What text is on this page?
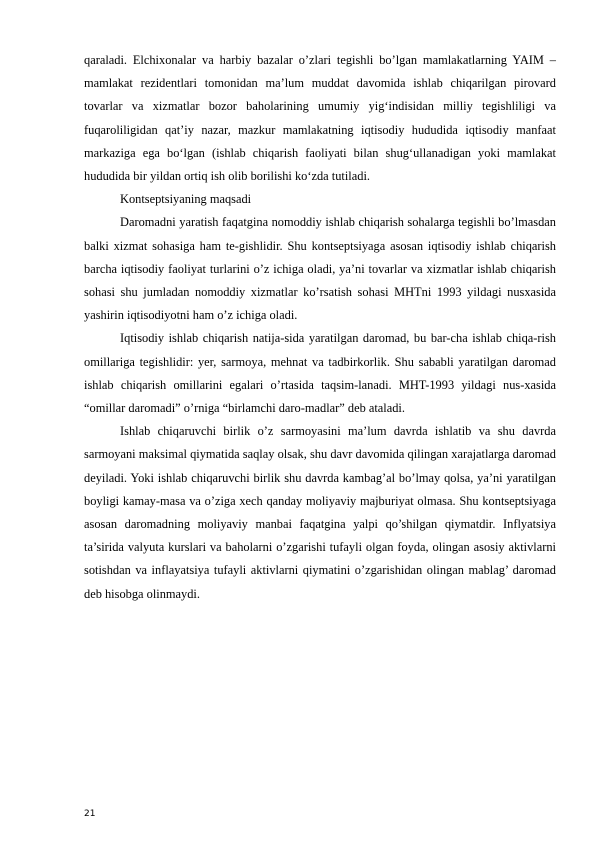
qaraladi. Elchixonalar va harbiy bazalar o’zlari tegishli bo’lgan mamlakatlarning YAIM – mamlakat rezidentlari tomonidan ma’lum muddat davomida ishlab chiqarilgan pirovard tovarlar va xizmatlar bozor baholarining umumiy yig‘indisidan milliy tegishliligi va fuqaroliligidan qat’iy nazar, mazkur mamlakatning iqtisodiy hududida iqtisodiy manfaat markaziga ega bo‘lgan (ishlab chiqarish faoliyati bilan shug‘ullanadigan yoki mamlakat hududida bir yildan ortiq ish olib borilishi ko‘zda tutiladi.

Kontseptsiyaning maqsadi

Daromadni yaratish faqatgina nomoddiy ishlab chiqarish sohalarga tegishli bo’lmasdan balki xizmat sohasiga ham te-gishlidir. Shu kontseptsiyaga asosan iqtisodiy ishlab chiqarish barcha iqtisodiy faoliyat turlarini o’z ichiga oladi, ya’ni tovarlar va xizmatlar ishlab chiqarish sohasi shu jumladan nomoddiy xizmatlar ko’rsatish sohasi MHTni 1993 yildagi nusxasida yashirin iqtisodiyotni ham o’z ichiga oladi.

Iqtisodiy ishlab chiqarish natija-sida yaratilgan daromad, bu bar-cha ishlab chiqa-rish omillariga tegishlidir: yer, sarmoya, mehnat va tadbirkorlik. Shu sababli yaratilgan daromad ishlab chiqarish omillarini egalari o’rtasida taqsim-lanadi. MHT-1993 yildagi nus-xasida “omillar daromadi” o’rniga “birlamchi daro-madlar” deb ataladi.

Ishlab chiqaruvchi birlik o’z sarmoyasini ma’lum davrda ishlatib va shu davrda sarmoyani maksimal qiymatida saqlay olsak, shu davr davomida qilingan xarajatlarga daromad deyiladi. Yoki ishlab chiqaruvchi birlik shu davrda kambag’al bo’lmay qolsa, ya’ni yaratilgan boyligi kamay-masa va o’ziga xech qanday moliyaviy majburiyat olmasa. Shu kontseptsiyaga asosan daromadning moliyaviy manbai faqatgina yalpi qo’shilgan qiymatdir. Inflyatsiya ta’sirida valyuta kurslari va baholarni o’zgarishi tufayli olgan foyda, olingan asosiy aktivlarni sotishdan va inflayatsiya tufayli aktivlarni qiymatini o’zgarishidan olingan mablag’ daromad deb hisobga olinmaydi.

21
